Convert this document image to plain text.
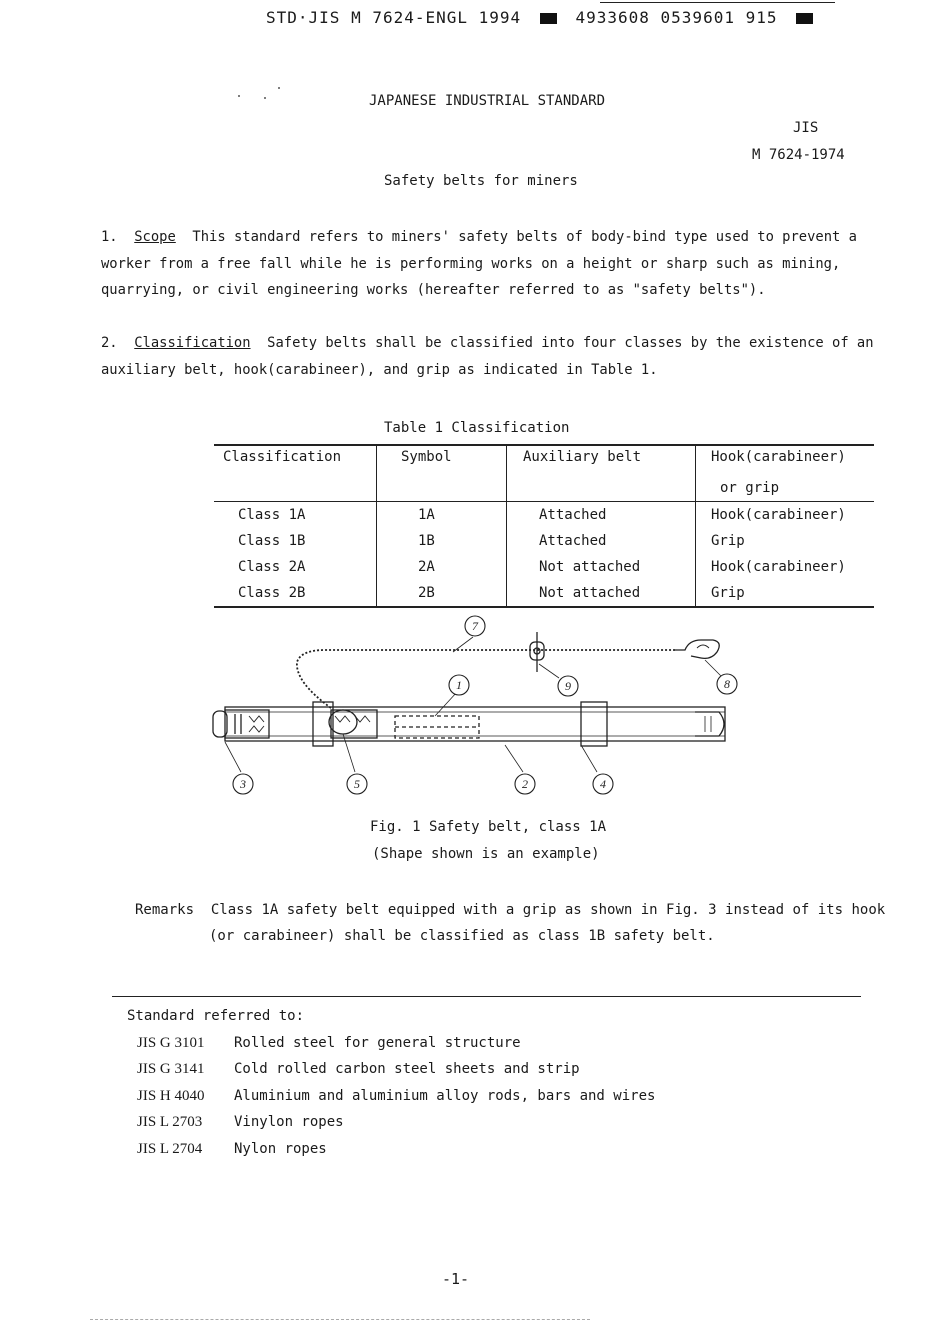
STD·JIS M 7624-ENGL 1994	4933608 0539601 915
JAPANESE INDUSTRIAL STANDARD
JIS
M 7624-1974
Safety belts for miners

1. Scope This standard refers to miners' safety belts of body-bind type used to prevent a

worker from a free fall while he is performing works on a height or sharp such as mining,

quarrying, or civil engineering works (hereafter referred to as "safety belts").

2. Classification Safety belts shall be classified into four classes by the existence of an

auxiliary belt, hook(carabineer), and grip as indicated in Table 1.

Table 1 Classification
Classification	Symbol	Auxiliary belt	Hook(carabineer)
			or grip
Class 1A	1A	Attached	Hook(carabineer)
Class 1B	1B	Attached	Grip
Class 2A	2A	Not attached	Hook(carabineer)
Class 2B	2B	Not attached	Grip
7
1
3	5	2	4
9	8
Fig. 1 Safety belt, class 1A
(Shape shown is an example)
Remarks Class 1A safety belt equipped with a grip as shown in Fig. 3 instead of its hook
(or carabineer) shall be classified as class 1B safety belt.
Standard referred to:
JIS G 3101 Rolled steel for general structure
JIS G 3141 Cold rolled carbon steel sheets and strip
JIS H 4040 Aluminium and aluminium alloy rods, bars and wires
JIS L 2703 Vinylon ropes
JIS L 2704 Nylon ropes
-1-
